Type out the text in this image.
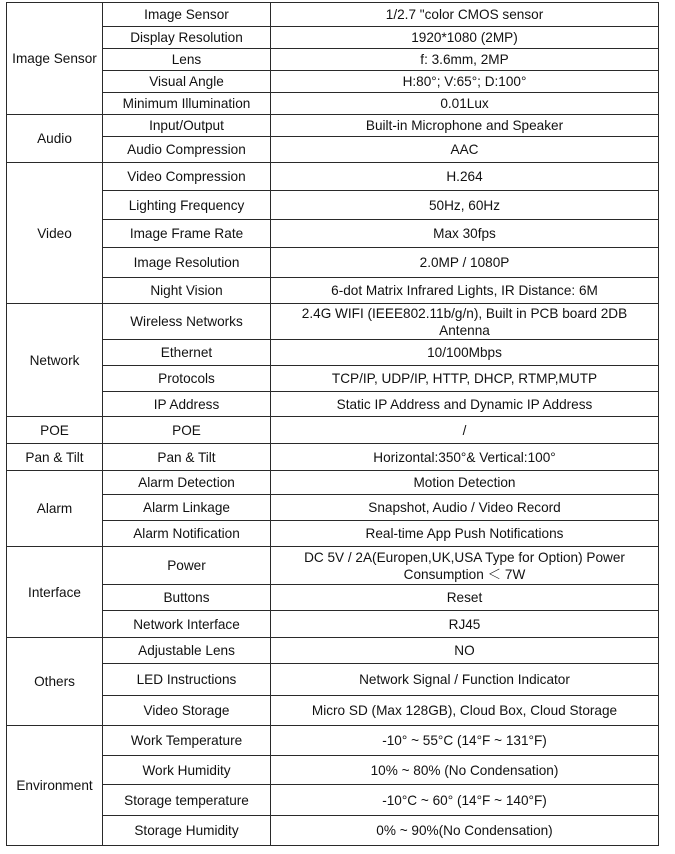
Image Sensor	Image Sensor	1/2.7 "color CMOS sensor
	Display Resolution	1920*1080 (2MP)
	Lens	f: 3.6mm, 2MP
	Visual Angle	H:80°; V:65°; D:100°
	Minimum Illumination	0.01Lux
Audio	Input/Output	Built-in Microphone and Speaker
	Audio Compression	AAC
Video	Video Compression	H.264
	Lighting Frequency	50Hz, 60Hz
	Image Frame Rate	Max 30fps
	Image Resolution	2.0MP / 1080P
	Night Vision	6-dot Matrix Infrared Lights, IR Distance: 6M
Network	Wireless Networks	2.4G WIFI (IEEE802.11b/g/n), Built in PCB board 2DB Antenna
	Ethernet	10/100Mbps
	Protocols	TCP/IP, UDP/IP, HTTP, DHCP, RTMP,MUTP
	IP Address	Static IP Address and Dynamic IP Address
POE	POE	/
Pan & Tilt	Pan & Tilt	Horizontal:350°& Vertical:100°
Alarm	Alarm Detection	Motion Detection
	Alarm Linkage	Snapshot, Audio / Video Record
	Alarm Notification	Real-time App Push Notifications
Interface	Power	DC 5V / 2A(Europen,UK,USA Type for Option) Power Consumption ＜ 7W
	Buttons	Reset
	Network Interface	RJ45
Others	Adjustable Lens	NO
	LED Instructions	Network Signal / Function Indicator
	Video Storage	Micro SD (Max 128GB), Cloud Box, Cloud Storage
Environment	Work Temperature	-10° ~ 55°C (14°F ~ 131°F)
	Work Humidity	10% ~ 80% (No Condensation)
	Storage temperature	-10°C ~ 60° (14°F ~ 140°F)
	Storage Humidity	0% ~ 90%(No Condensation)
